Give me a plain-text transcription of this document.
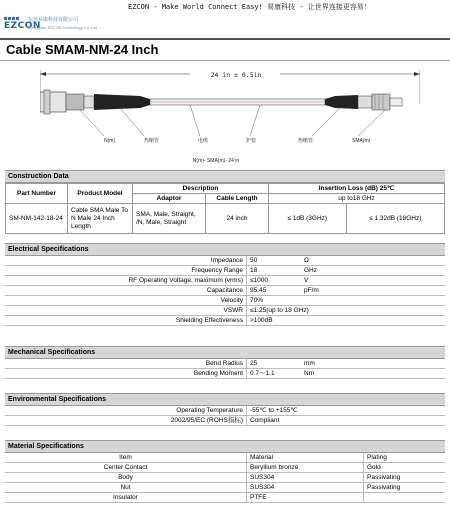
EZCON - Make World Connect Easy! 易康科技 - 让世界连接更容易！
EZCON
东莞易康科技有限公司
Dongguan EZCON Technology Co.,Ltd
Cable SMAM-NM-24 Inch
24 in ± 0.5in
N(m)	热缩管	电缆	护套	热缩管	SMA(m)
N(m)- SMA(m)- 24 in
Construction Data
Part Number	Product Model	Description		Insertion Loss (dB) 25℃	
		Adaptor	Cable Length	up to18 GHz	
SM-NM-142-18-24	Cable SMA Male To N Male 24 Inch Length	SMA, Male, Straight, /N, Male, Straight	24 inch	≤ 1dB (3GHz)	≤ 1.32dB (18GHz)
Electrical Specifications
Impedance	50	Ω
Frequency Range	18	GHz
RF Operating Voltage, maximum (vrms)	≤1000	V
Capacitance	95.45	pF/m
Velocity	70%	
VSWR	≤1.25(up to 18 GHz)	
Shielding Effectiveness	>100dB	
Mechanical Specifications
Bend Radius	25	mm
Bending Moment	0.7～1.1	Nm
Environmental Specifications
Operating Temperature	-55℃ to +155℃
2002/95/EC (ROHS指标)	Compliant
Material Specifications
Item	Material	Plating
Center Contact	Beryllium bronze	Gold
Body	SUS304	Passivating
Nut	SUS304	Passivating
Insulator	PTFE	
